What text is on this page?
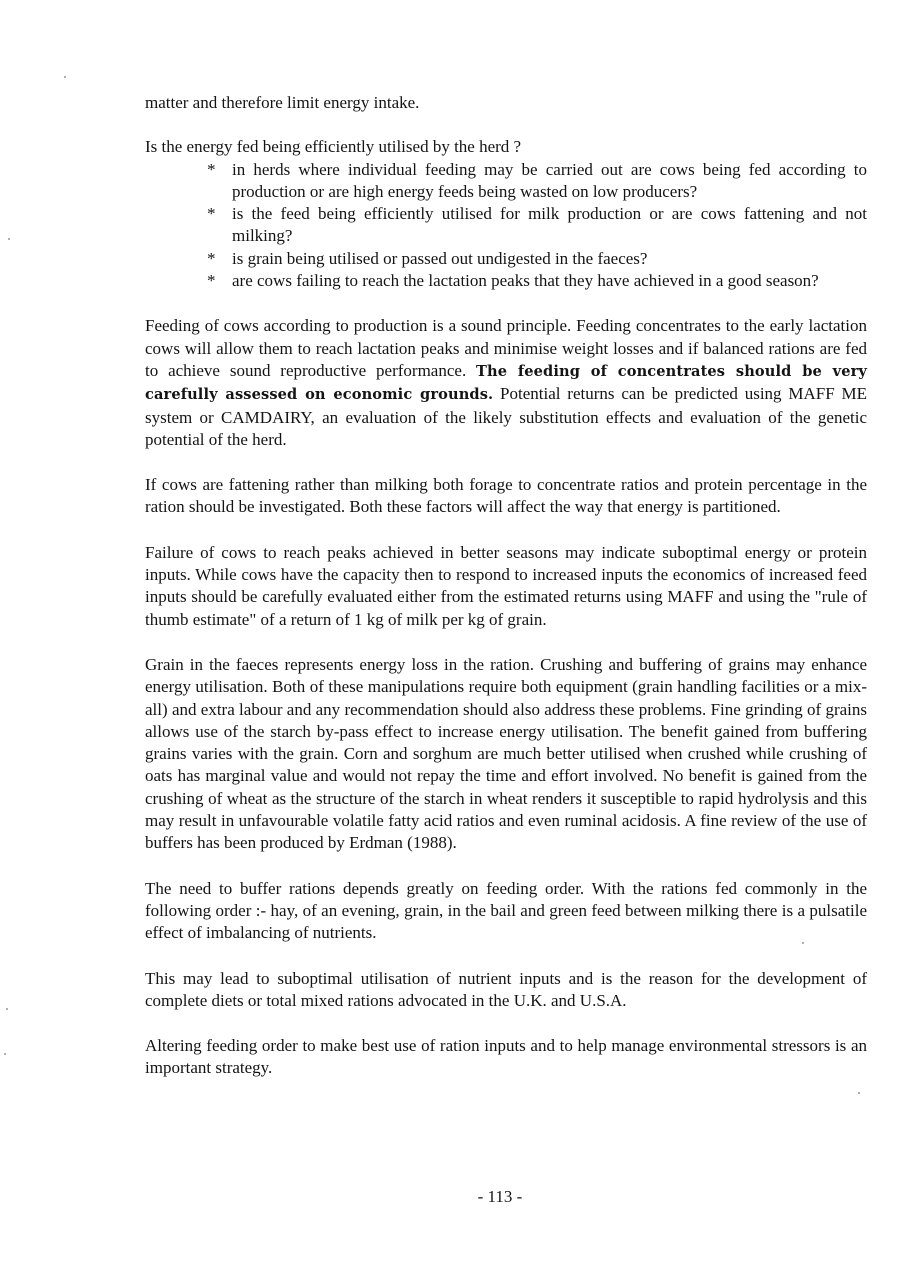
matter and therefore limit energy intake.

Is the energy fed being efficiently utilised by the herd ?

* in herds where individual feeding may be carried out are cows being fed according to production or are high energy feeds being wasted on low producers?
* is the feed being efficiently utilised for milk production or are cows fattening and not milking?
* is grain being utilised or passed out undigested in the faeces?
* are cows failing to reach the lactation peaks that they have achieved in a good season?

Feeding of cows according to production is a sound principle. Feeding concentrates to the early lactation cows will allow them to reach lactation peaks and minimise weight losses and if balanced rations are fed to achieve sound reproductive performance. The feeding of concentrates should be very carefully assessed on economic grounds. Potential returns can be predicted using MAFF ME system or CAMDAIRY, an evaluation of the likely substitution effects and evaluation of the genetic potential of the herd.

If cows are fattening rather than milking both forage to concentrate ratios and protein percentage in the ration should be investigated. Both these factors will affect the way that energy is partitioned.

Failure of cows to reach peaks achieved in better seasons may indicate suboptimal energy or protein inputs. While cows have the capacity then to respond to increased inputs the economics of increased feed inputs should be carefully evaluated either from the estimated returns using MAFF and using the "rule of thumb estimate" of a return of 1 kg of milk per kg of grain.

Grain in the faeces represents energy loss in the ration. Crushing and buffering of grains may enhance energy utilisation. Both of these manipulations require both equipment (grain handling facilities or a mix-all) and extra labour and any recommendation should also address these problems. Fine grinding of grains allows use of the starch by-pass effect to increase energy utilisation. The benefit gained from buffering grains varies with the grain. Corn and sorghum are much better utilised when crushed while crushing of oats has marginal value and would not repay the time and effort involved. No benefit is gained from the crushing of wheat as the structure of the starch in wheat renders it susceptible to rapid hydrolysis and this may result in unfavourable volatile fatty acid ratios and even ruminal acidosis. A fine review of the use of buffers has been produced by Erdman (1988).

The need to buffer rations depends greatly on feeding order. With the rations fed commonly in the following order :- hay, of an evening, grain, in the bail and green feed between milking there is a pulsatile effect of imbalancing of nutrients.

This may lead to suboptimal utilisation of nutrient inputs and is the reason for the development of complete diets or total mixed rations advocated in the U.K. and U.S.A.

Altering feeding order to make best use of ration inputs and to help manage environmental stressors is an important strategy.

- 113 -
